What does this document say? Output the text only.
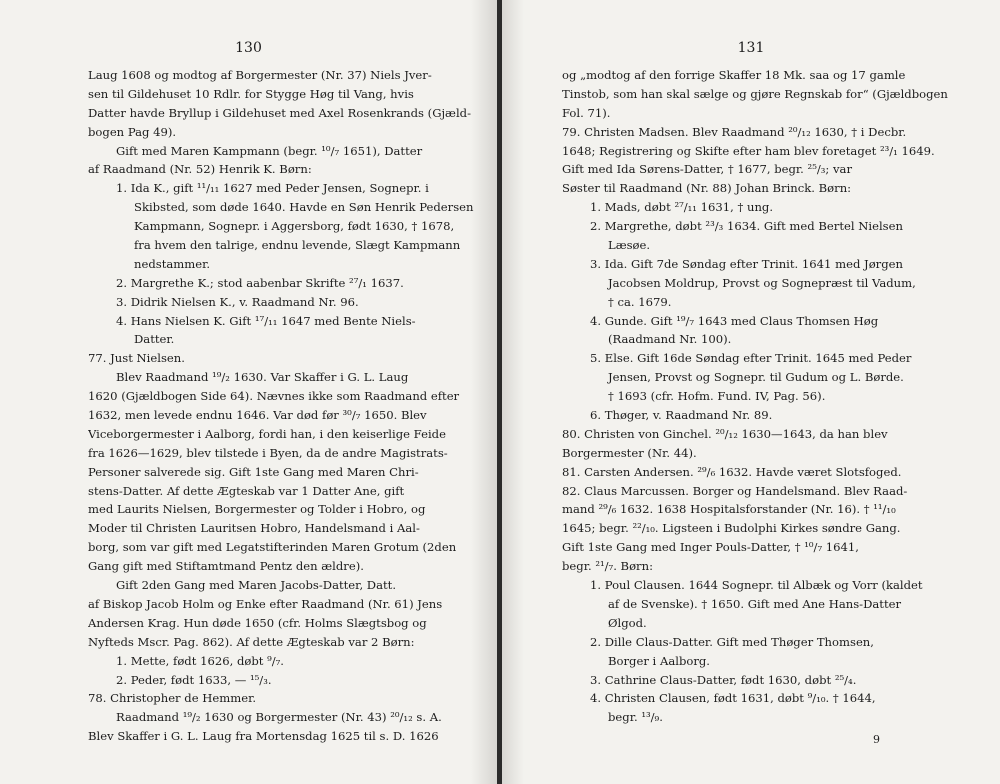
130

Laug 1608 og modtog af Borgermester (Nr. 37) Niels Jver-
sen til Gildehuset 10 Rdlr. for Stygge Høg til Vang, hvis
Datter havde Bryllup i Gildehuset med Axel Rosenkrands (Gjæld-
bogen Pag 49).
Gift med Maren Kampmann (begr. ¹⁰/₇ 1651), Datter
af Raadmand (Nr. 52) Henrik K. Børn:
1. Ida K., gift ¹¹/₁₁ 1627 med Peder Jensen, Sognepr. i
Skibsted, som døde 1640. Havde en Søn Henrik Pedersen
Kampmann, Sognepr. i Aggersborg, født 1630, † 1678,
fra hvem den talrige, endnu levende, Slægt Kampmann
nedstammer.
2. Margrethe K.; stod aabenbar Skrifte ²⁷/₁ 1637.
3. Didrik Nielsen K., v. Raadmand Nr. 96.
4. Hans Nielsen K. Gift ¹⁷/₁₁ 1647 med Bente Niels-
Datter.
77. Just Nielsen.
Blev Raadmand ¹⁹/₂ 1630. Var Skaffer i G. L. Laug
1620 (Gjældbogen Side 64). Nævnes ikke som Raadmand efter
1632, men levede endnu 1646. Var død før ³⁰/₇ 1650. Blev
Viceborgermester i Aalborg, fordi han, i den keiserlige Feide
fra 1626—1629, blev tilstede i Byen, da de andre Magistrats-
Personer salverede sig. Gift 1ste Gang med Maren Chri-
stens-Datter. Af dette Ægteskab var 1 Datter Ane, gift
med Laurits Nielsen, Borgermester og Tolder i Hobro, og
Moder til Christen Lauritsen Hobro, Handelsmand i Aal-
borg, som var gift med Legatstifterinden Maren Grotum (2den
Gang gift med Stiftamtmand Pentz den ældre).
Gift 2den Gang med Maren Jacobs-Datter, Datt.
af Biskop Jacob Holm og Enke efter Raadmand (Nr. 61) Jens
Andersen Krag. Hun døde 1650 (cfr. Holms Slægtsbog og
Nyfteds Mscr. Pag. 862). Af dette Ægteskab var 2 Børn:
1. Mette, født 1626, døbt ⁹/₇.
2. Peder, født 1633, — ¹⁵/₃.
78. Christopher de Hemmer.
Raadmand ¹⁹/₂ 1630 og Borgermester (Nr. 43) ²⁰/₁₂ s. A.
Blev Skaffer i G. L. Laug fra Mortensdag 1625 til s. D. 1626

131

og „modtog af den forrige Skaffer 18 Mk. saa og 17 gamle
Tinstob, som han skal sælge og gjøre Regnskab for“ (Gjældbogen
Fol. 71).
79. Christen Madsen. Blev Raadmand ²⁰/₁₂ 1630, † i Decbr.
1648; Registrering og Skifte efter ham blev foretaget ²³/₁ 1649.
Gift med Ida Sørens-Datter, † 1677, begr. ²⁵/₃; var
Søster til Raadmand (Nr. 88) Johan Brinck. Børn:
1. Mads, døbt ²⁷/₁₁ 1631, † ung.
2. Margrethe, døbt ²³/₃ 1634. Gift med Bertel Nielsen
Læsøe.
3. Ida. Gift 7de Søndag efter Trinit. 1641 med Jørgen
Jacobsen Moldrup, Provst og Sognepræst til Vadum,
† ca. 1679.
4. Gunde. Gift ¹⁹/₇ 1643 med Claus Thomsen Høg
(Raadmand Nr. 100).
5. Else. Gift 16de Søndag efter Trinit. 1645 med Peder
Jensen, Provst og Sognepr. til Gudum og L. Børde.
† 1693 (cfr. Hofm. Fund. IV, Pag. 56).
6. Thøger, v. Raadmand Nr. 89.
80. Christen von Ginchel. ²⁰/₁₂ 1630—1643, da han blev
Borgermester (Nr. 44).
81. Carsten Andersen. ²⁹/₆ 1632. Havde været Slotsfoged.
82. Claus Marcussen. Borger og Handelsmand. Blev Raad-
mand ²⁹/₆ 1632. 1638 Hospitalsforstander (Nr. 16). † ¹¹/₁₀
1645; begr. ²²/₁₀. Ligsteen i Budolphi Kirkes søndre Gang.
Gift 1ste Gang med Inger Pouls-Datter, † ¹⁰/₇ 1641,
begr. ²¹/₇. Børn:
1. Poul Clausen. 1644 Sognepr. til Albæk og Vorr (kaldet
af de Svenske). † 1650. Gift med Ane Hans-Datter
Ølgod.
2. Dille Claus-Datter. Gift med Thøger Thomsen,
Borger i Aalborg.
3. Cathrine Claus-Datter, født 1630, døbt ²⁵/₄.
4. Christen Clausen, født 1631, døbt ⁹/₁₀. † 1644,
begr. ¹³/₉.
9
